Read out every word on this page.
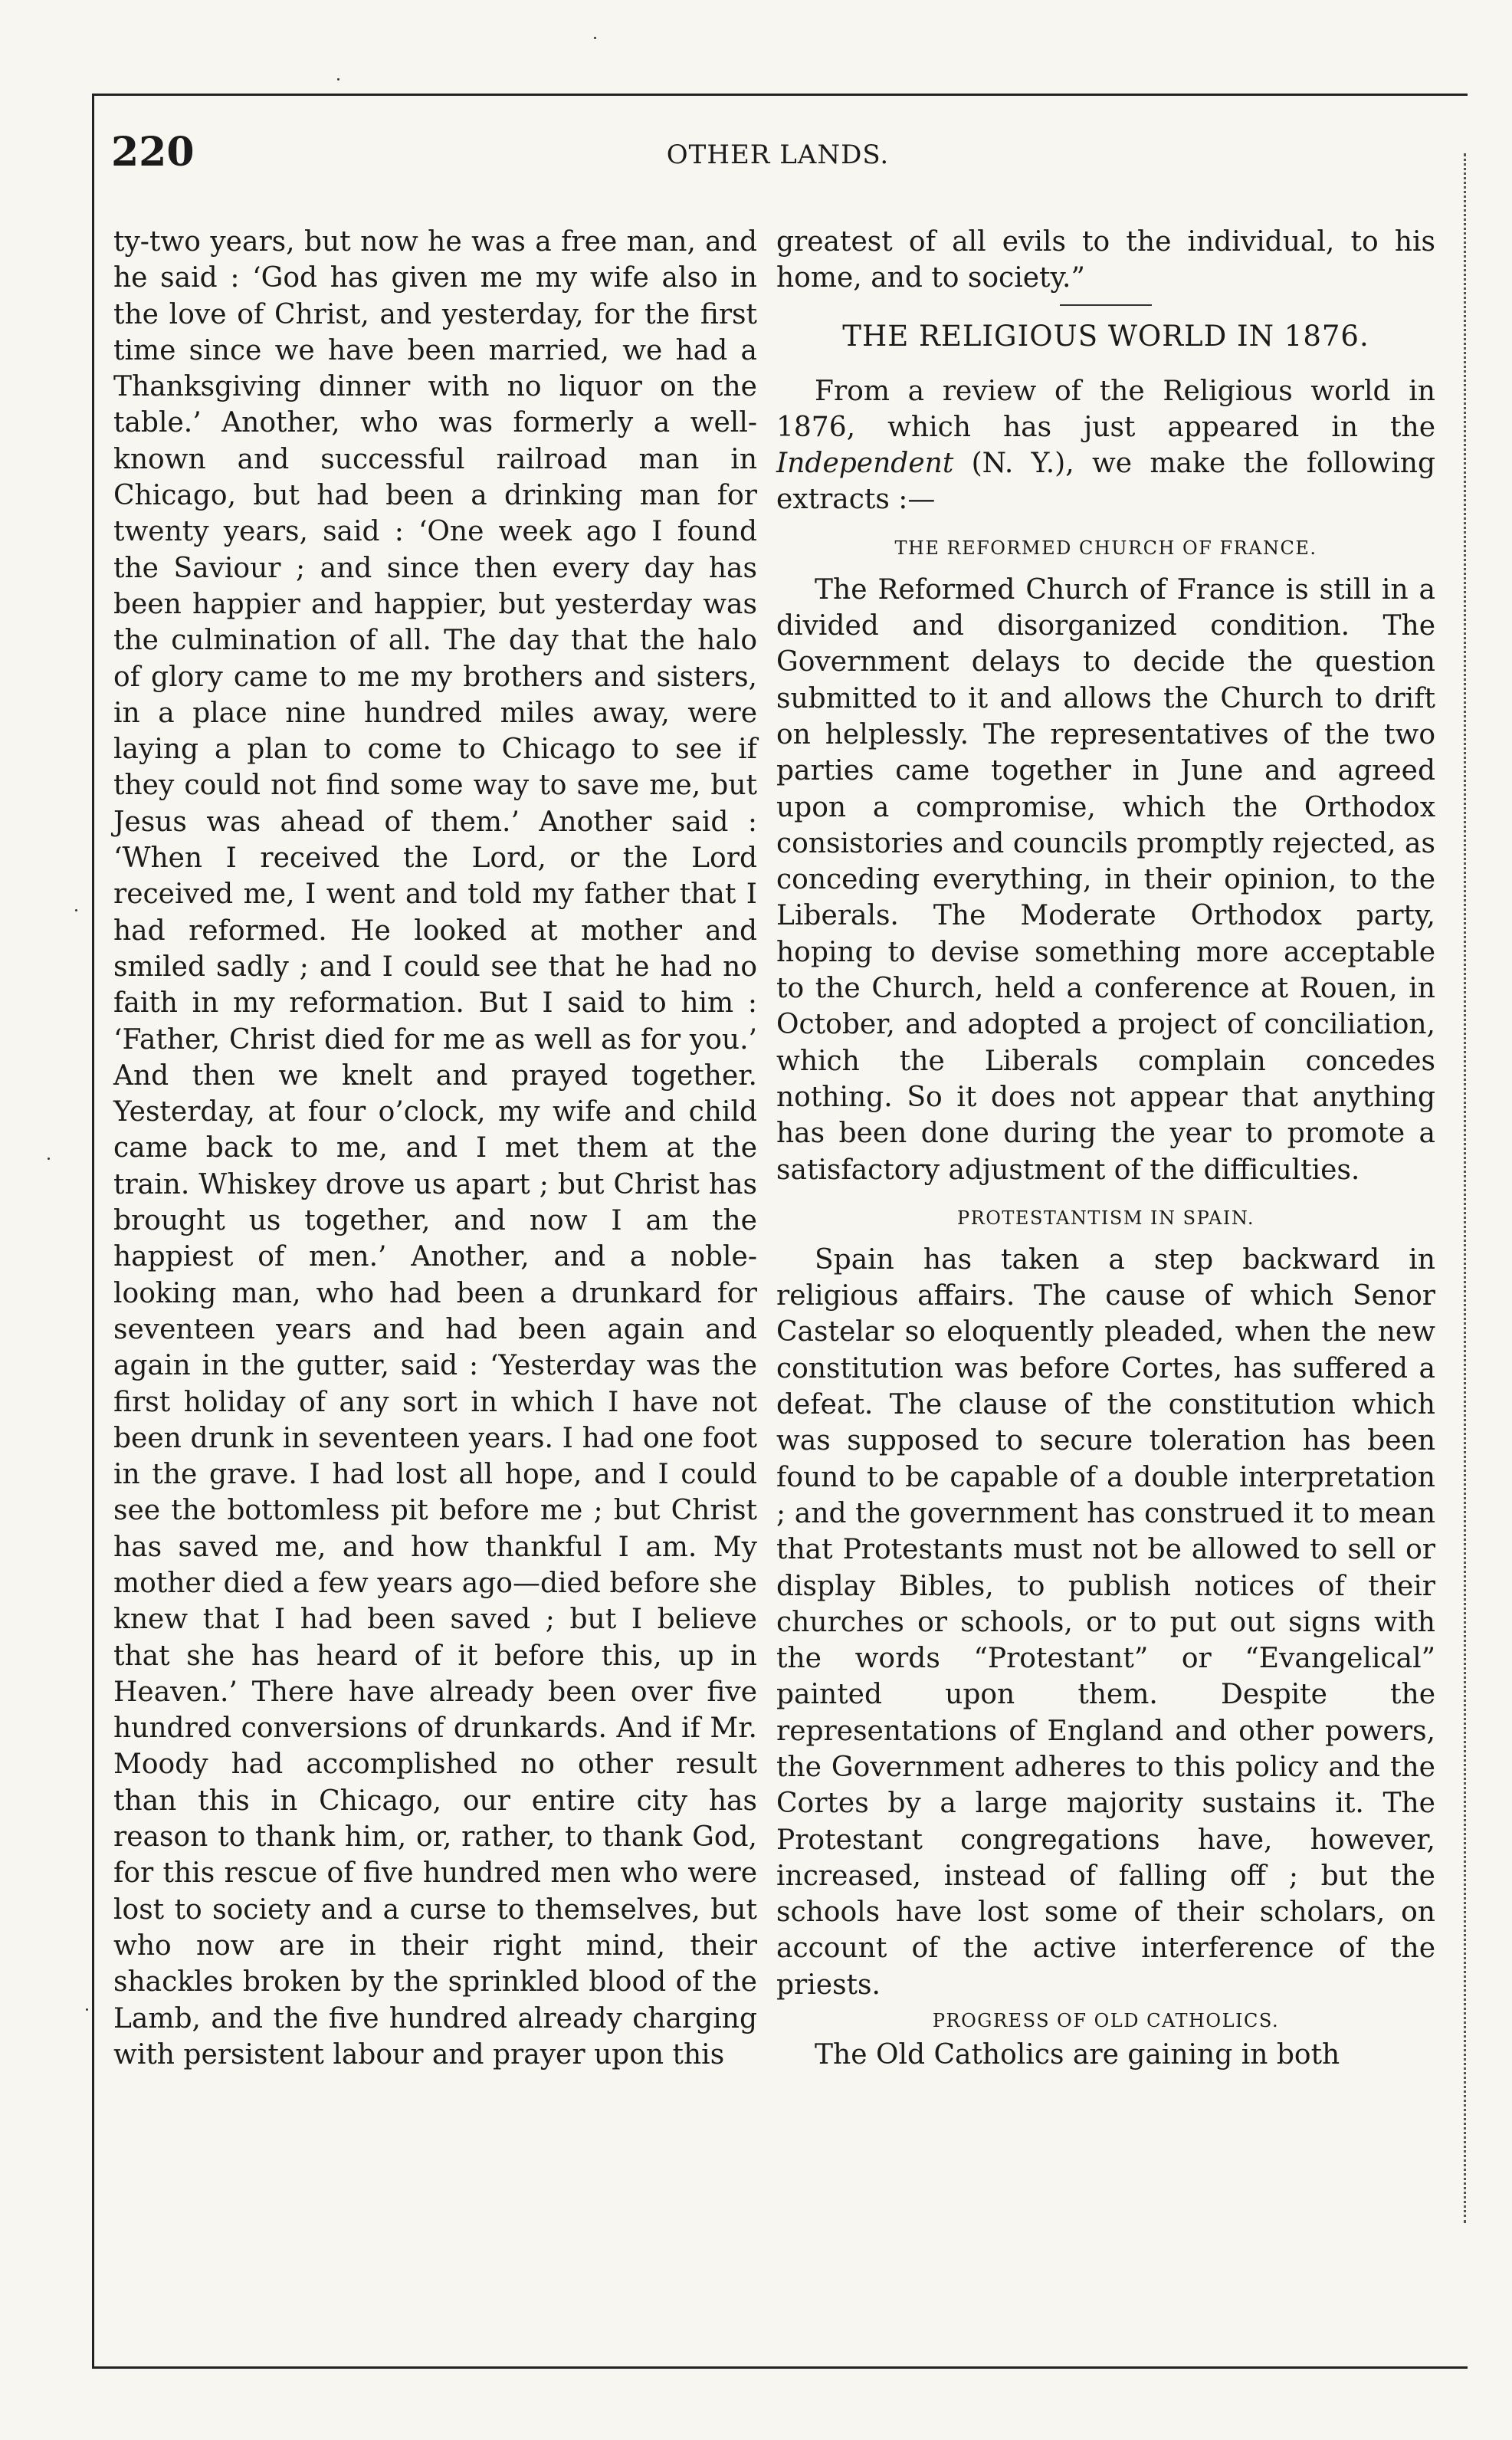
220	OTHER LANDS.

ty-two years, but now he was a free man, and he said : ‘God has given me my wife also in the love of Christ, and yesterday, for the first time since we have been married, we had a Thanksgiving dinner with no liquor on the table.’ Another, who was formerly a well-known and successful railroad man in Chicago, but had been a drinking man for twenty years, said : ‘One week ago I found the Saviour ; and since then every day has been happier and happier, but yesterday was the culmination of all. The day that the halo of glory came to me my brothers and sisters, in a place nine hundred miles away, were laying a plan to come to Chicago to see if they could not find some way to save me, but Jesus was ahead of them.’ Another said : ‘When I received the Lord, or the Lord received me, I went and told my father that I had reformed. He looked at mother and smiled sadly ; and I could see that he had no faith in my reformation. But I said to him : ‘Father, Christ died for me as well as for you.’ And then we knelt and prayed together. Yesterday, at four o’clock, my wife and child came back to me, and I met them at the train. Whiskey drove us apart ; but Christ has brought us together, and now I am the happiest of men.’ Another, and a noble-looking man, who had been a drunkard for seventeen years and had been again and again in the gutter, said : ‘Yesterday was the first holiday of any sort in which I have not been drunk in seventeen years. I had one foot in the grave. I had lost all hope, and I could see the bottomless pit before me ; but Christ has saved me, and how thankful I am. My mother died a few years ago—died before she knew that I had been saved ; but I believe that she has heard of it before this, up in Heaven.’ There have already been over five hundred conversions of drunkards. And if Mr. Moody had accomplished no other result than this in Chicago, our entire city has reason to thank him, or, rather, to thank God, for this rescue of five hundred men who were lost to society and a curse to themselves, but who now are in their right mind, their shackles broken by the sprinkled blood of the Lamb, and the five hundred already charging with persistent labour and prayer upon this

greatest of all evils to the individual, to his home, and to society.”

THE RELIGIOUS WORLD IN 1876.

From a review of the Religious world in 1876, which has just appeared in the Independent (N. Y.), we make the following extracts :—

THE REFORMED CHURCH OF FRANCE.

The Reformed Church of France is still in a divided and disorganized condition. The Government delays to decide the question submitted to it and allows the Church to drift on helplessly. The representatives of the two parties came together in June and agreed upon a compromise, which the Orthodox consistories and councils promptly rejected, as conceding everything, in their opinion, to the Liberals. The Moderate Orthodox party, hoping to devise something more acceptable to the Church, held a conference at Rouen, in October, and adopted a project of conciliation, which the Liberals complain concedes nothing. So it does not appear that anything has been done during the year to promote a satisfactory adjustment of the difficulties.

PROTESTANTISM IN SPAIN.

Spain has taken a step backward in religious affairs. The cause of which Senor Castelar so eloquently pleaded, when the new constitution was before Cortes, has suffered a defeat. The clause of the constitution which was supposed to secure toleration has been found to be capable of a double interpretation ; and the government has construed it to mean that Protestants must not be allowed to sell or display Bibles, to publish notices of their churches or schools, or to put out signs with the words “Protestant” or “Evangelical” painted upon them. Despite the representations of England and other powers, the Government adheres to this policy and the Cortes by a large majority sustains it. The Protestant congregations have, however, increased, instead of falling off ; but the schools have lost some of their scholars, on account of the active interference of the priests.

PROGRESS OF OLD CATHOLICS.

The Old Catholics are gaining in both
